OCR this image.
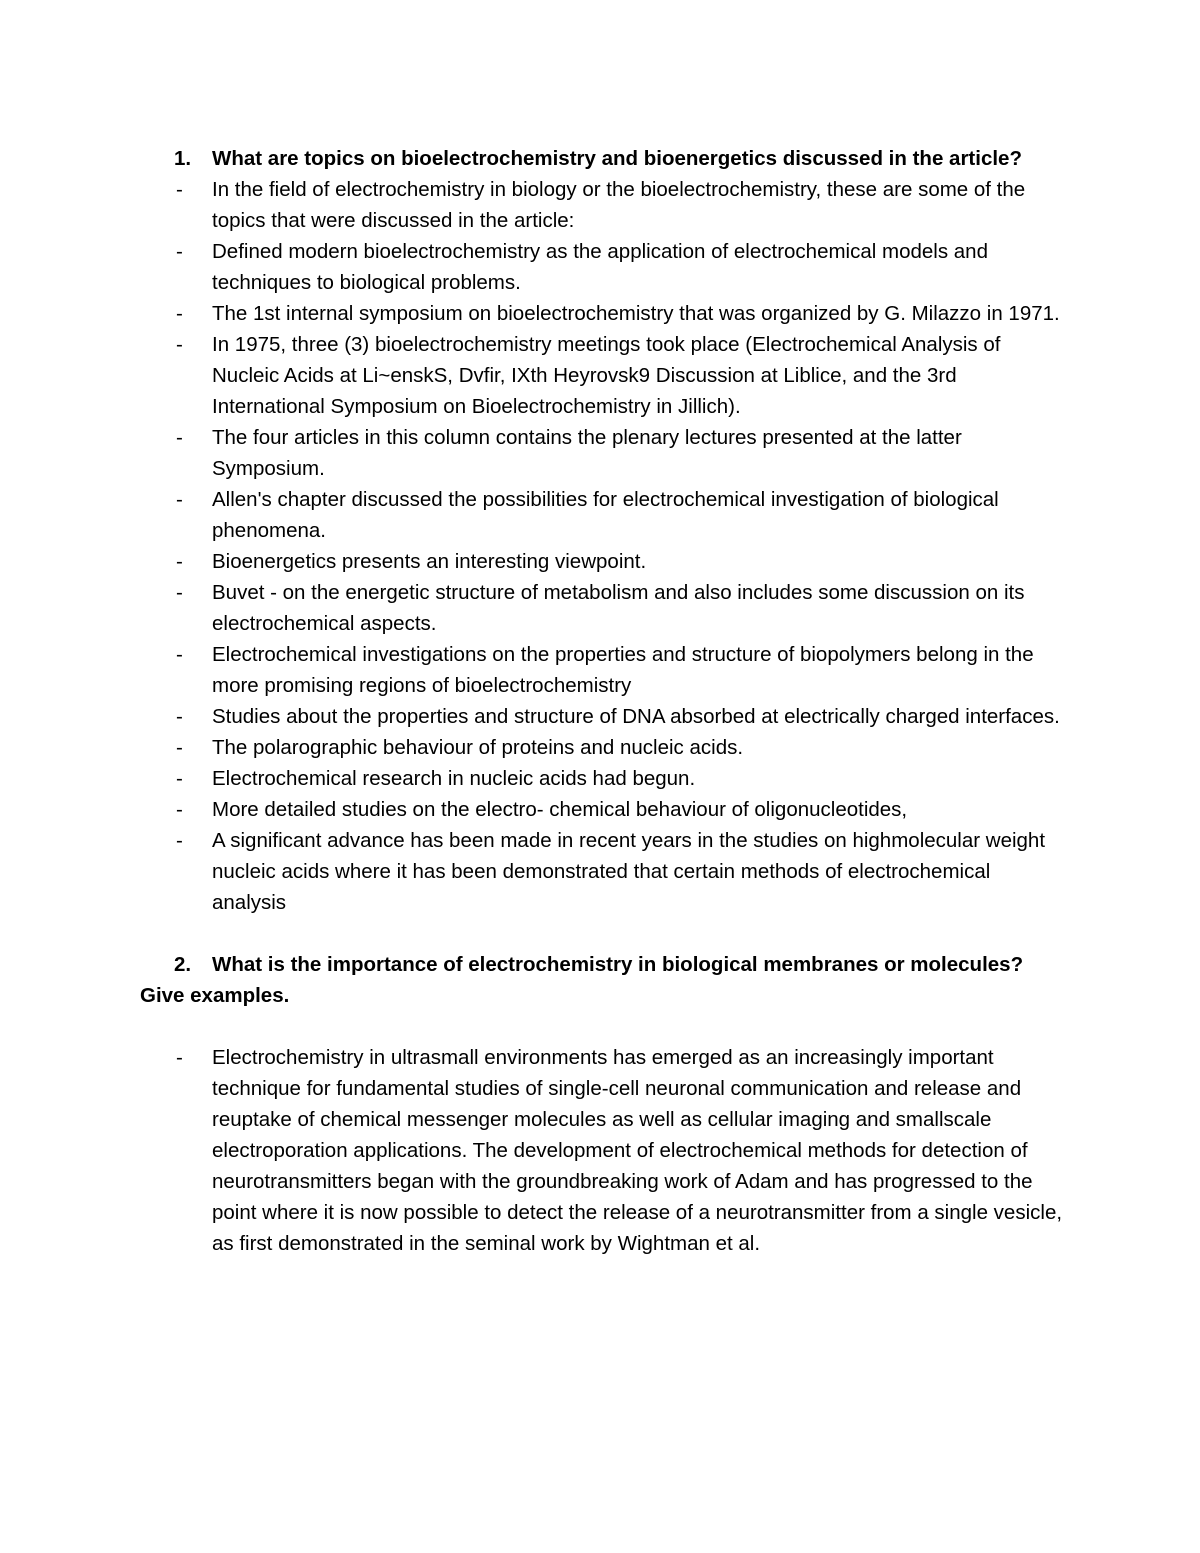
1. What are topics on bioelectrochemistry and bioenergetics discussed in the article?

- In the field of electrochemistry in biology or the bioelectrochemistry, these are some of the topics that were discussed in the article:
- Defined modern bioelectrochemistry as the application of electrochemical models and techniques to biological problems.
- The 1st internal symposium on bioelectrochemistry that was organized by G. Milazzo in 1971.
- In 1975, three (3) bioelectrochemistry meetings took place (Electrochemical Analysis of Nucleic Acids at Li~enskS, Dvfir, IXth Heyrovsk9 Discussion at Liblice, and the 3rd International Symposium on Bioelectrochemistry in Jillich).
- The four articles in this column contains the plenary lectures presented at the latter Symposium.
- Allen's chapter discussed the possibilities for electrochemical investigation of biological phenomena.
- Bioenergetics presents an interesting viewpoint.
- Buvet - on the energetic structure of metabolism and also includes some discussion on its electrochemical aspects.
- Electrochemical investigations on the properties and structure of biopolymers belong in the more promising regions of bioelectrochemistry
- Studies about the properties and structure of DNA absorbed at electrically charged interfaces.
- The polarographic behaviour of proteins and nucleic acids.
- Electrochemical research in nucleic acids had begun.
- More detailed studies on the electro- chemical behaviour of oligonucleotides,
- A significant advance has been made in recent years in the studies on highmolecular weight nucleic acids where it has been demonstrated that certain methods of electrochemical analysis

2. What is the importance of electrochemistry in biological membranes or molecules? Give examples.

- Electrochemistry in ultrasmall environments has emerged as an increasingly important technique for fundamental studies of single-cell neuronal communication and release and reuptake of chemical messenger molecules as well as cellular imaging and smallscale electroporation applications. The development of electrochemical methods for detection of neurotransmitters began with the groundbreaking work of Adam and has progressed to the point where it is now possible to detect the release of a neurotransmitter from a single vesicle, as first demonstrated in the seminal work by Wightman et al.
